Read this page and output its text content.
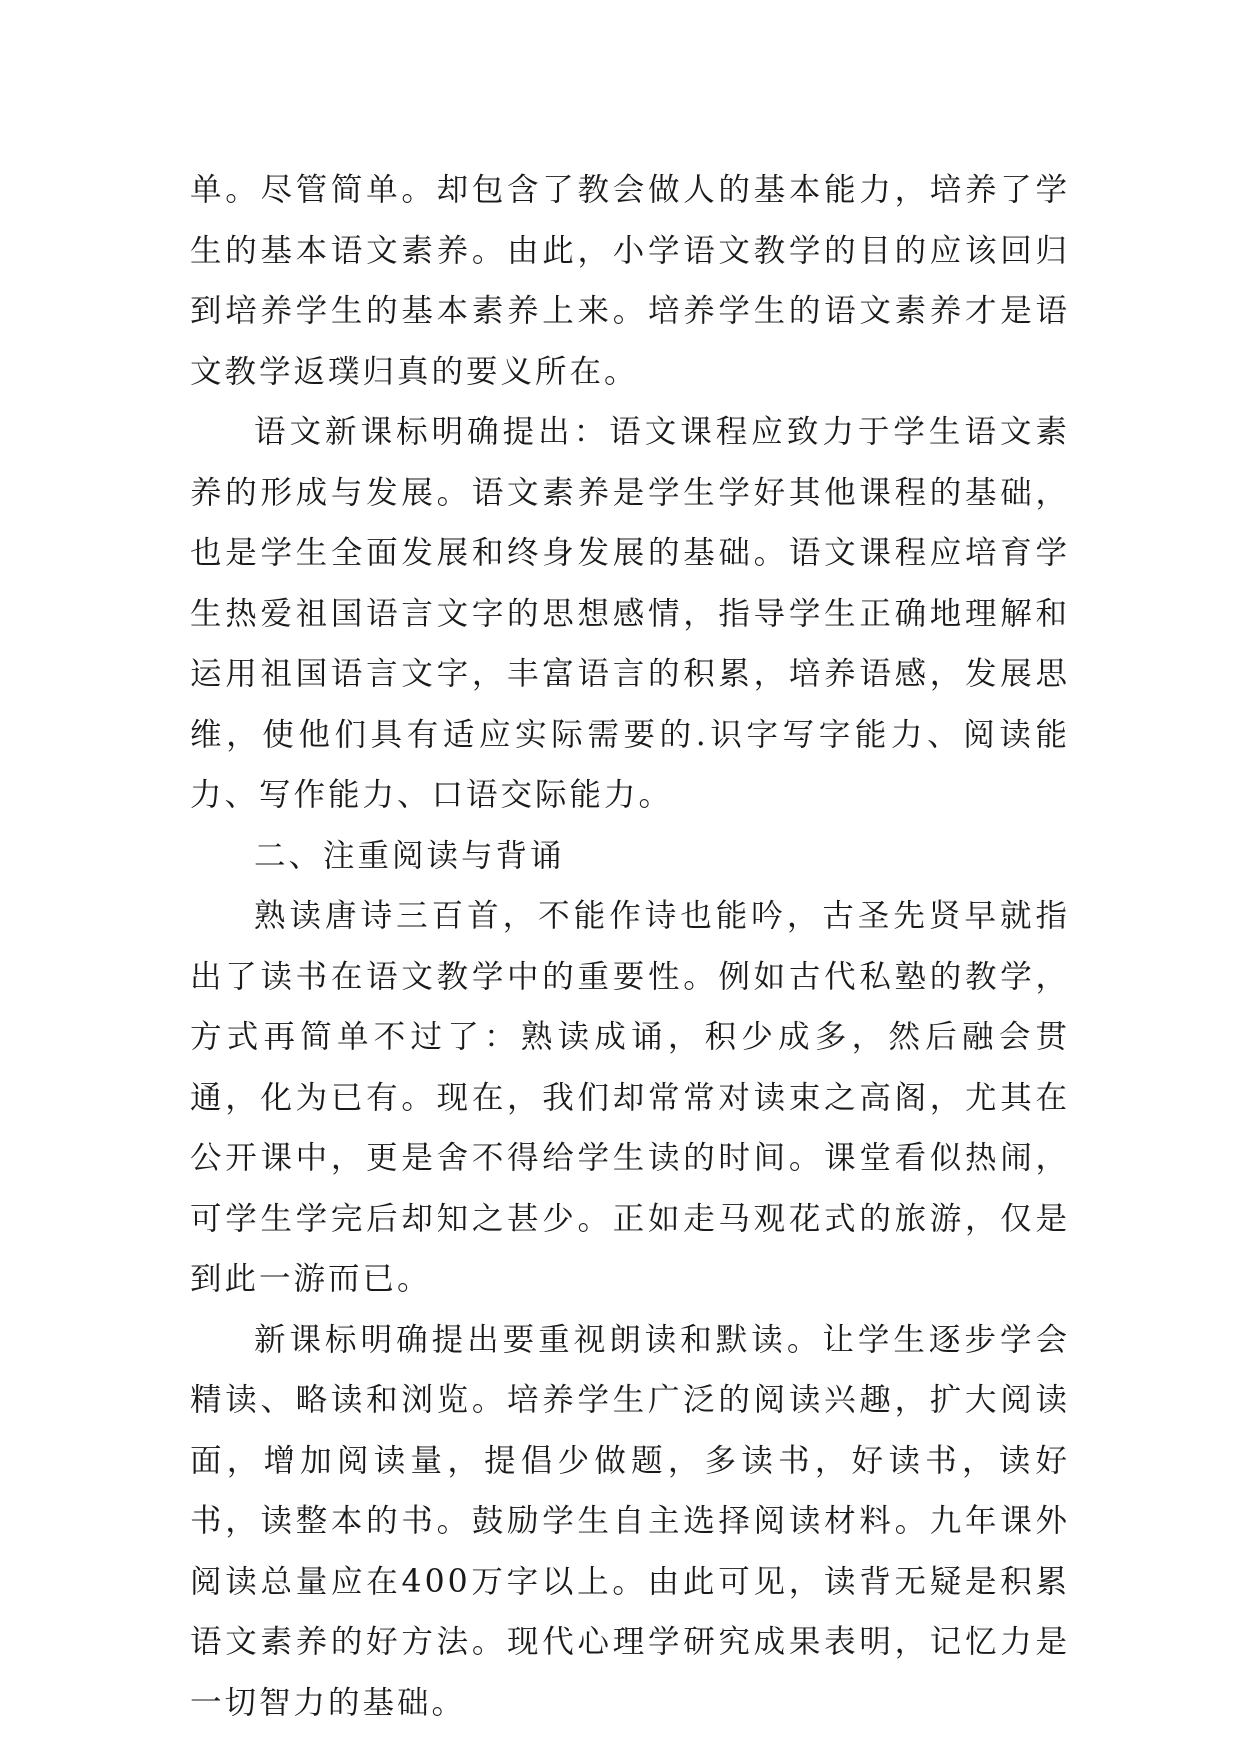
单。尽管简单。却包含了教会做人的基本能力，培养了学生的基本语文素养。由此，小学语文教学的目的应该回归到培养学生的基本素养上来。培养学生的语文素养才是语文教学返璞归真的要义所在。

语文新课标明确提出：语文课程应致力于学生语文素养的形成与发展。语文素养是学生学好其他课程的基础，也是学生全面发展和终身发展的基础。语文课程应培育学生热爱祖国语言文字的思想感情，指导学生正确地理解和运用祖国语言文字，丰富语言的积累，培养语感，发展思维，使他们具有适应实际需要的.识字写字能力、阅读能力、写作能力、口语交际能力。

二、注重阅读与背诵

熟读唐诗三百首，不能作诗也能吟，古圣先贤早就指出了读书在语文教学中的重要性。例如古代私塾的教学，方式再简单不过了：熟读成诵，积少成多，然后融会贯通，化为已有。现在，我们却常常对读束之高阁，尤其在公开课中，更是舍不得给学生读的时间。课堂看似热闹，可学生学完后却知之甚少。正如走马观花式的旅游，仅是到此一游而已。

新课标明确提出要重视朗读和默读。让学生逐步学会精读、略读和浏览。培养学生广泛的阅读兴趣，扩大阅读面，增加阅读量，提倡少做题，多读书，好读书，读好书，读整本的书。鼓励学生自主选择阅读材料。九年课外阅读总量应在400万字以上。由此可见，读背无疑是积累语文素养的好方法。现代心理学研究成果表明，记忆力是一切智力的基础。
